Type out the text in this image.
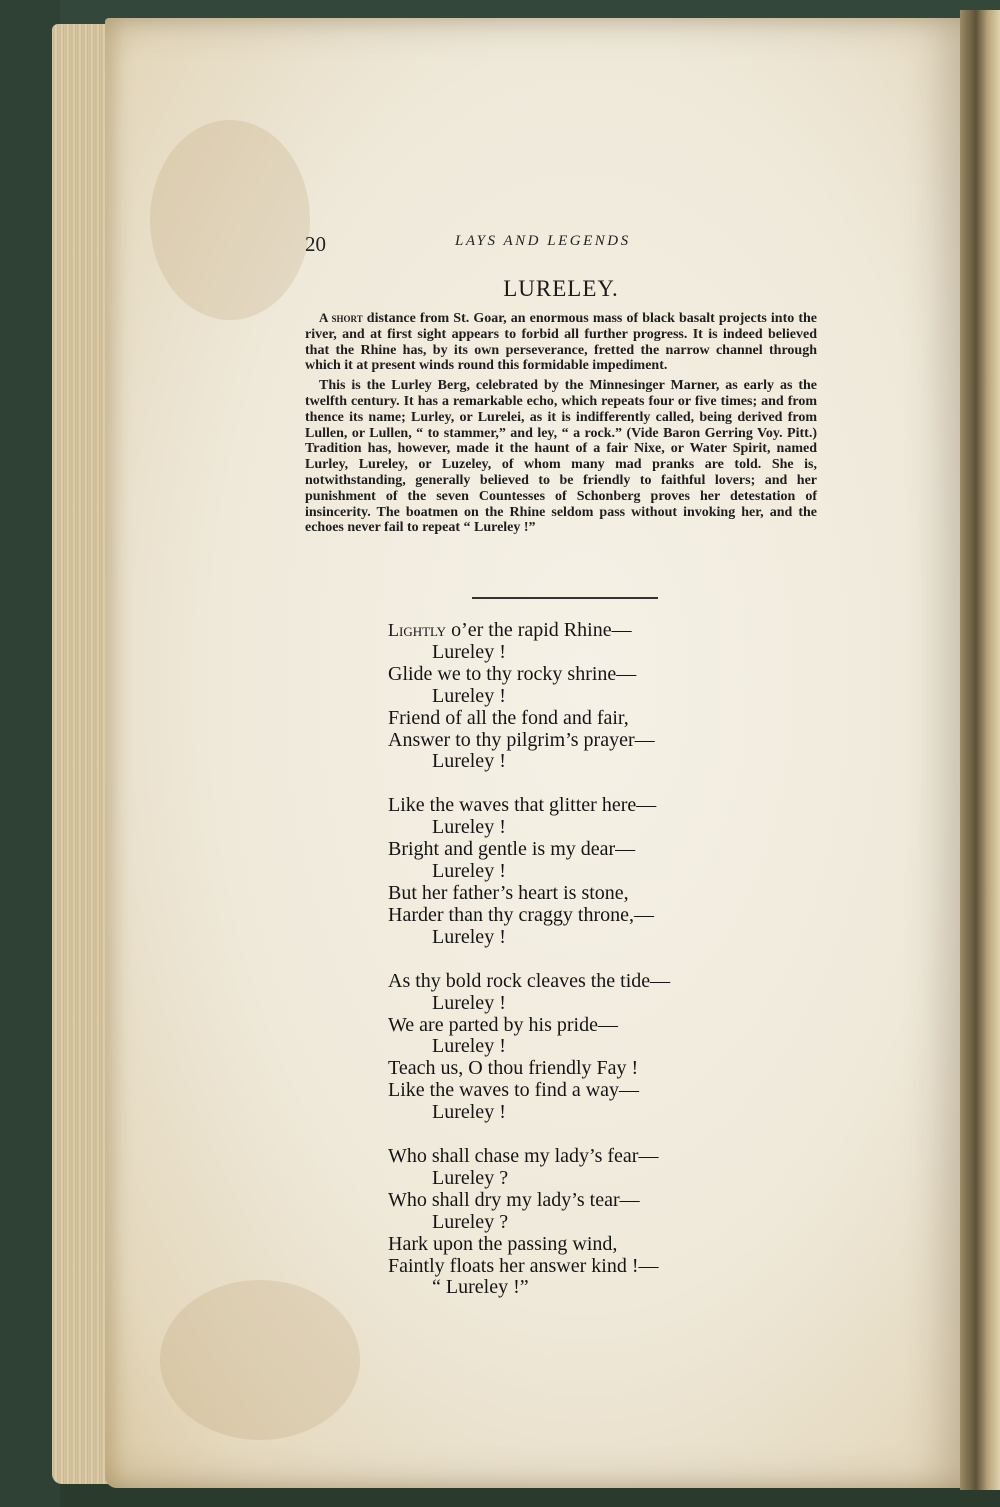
20	LAYS AND LEGENDS
LURELEY.

A short distance from St. Goar, an enormous mass of black basalt projects into the river, and at first sight appears to forbid all further progress. It is indeed believed that the Rhine has, by its own perseverance, fretted the narrow channel through which it at present winds round this formidable impediment.

This is the Lurley Berg, celebrated by the Minnesinger Marner, as early as the twelfth century. It has a remarkable echo, which repeats four or five times; and from thence its name; Lurley, or Lurelei, as it is indifferently called, being derived from Lullen, or Lullen, “ to stammer,” and ley, “ a rock.” (Vide Baron Gerring Voy. Pitt.) Tradition has, however, made it the haunt of a fair Nixe, or Water Spirit, named Lurley, Lureley, or Luzeley, of whom many mad pranks are told. She is, notwithstanding, generally believed to be friendly to faithful lovers; and her punishment of the seven Countesses of Schonberg proves her detestation of insincerity. The boatmen on the Rhine seldom pass without invoking her, and the echoes never fail to repeat “ Lureley !”

Lightly o’er the rapid Rhine—
Lureley !
Glide we to thy rocky shrine—
Lureley !
Friend of all the fond and fair,
Answer to thy pilgrim’s prayer—
Lureley !
Like the waves that glitter here—
Lureley !
Bright and gentle is my dear—
Lureley !
But her father’s heart is stone,
Harder than thy craggy throne,—
Lureley !
As thy bold rock cleaves the tide—
Lureley !
We are parted by his pride—
Lureley !
Teach us, O thou friendly Fay !
Like the waves to find a way—
Lureley !
Who shall chase my lady’s fear—
Lureley ?
Who shall dry my lady’s tear—
Lureley ?
Hark upon the passing wind,
Faintly floats her answer kind !—
“ Lureley !”
